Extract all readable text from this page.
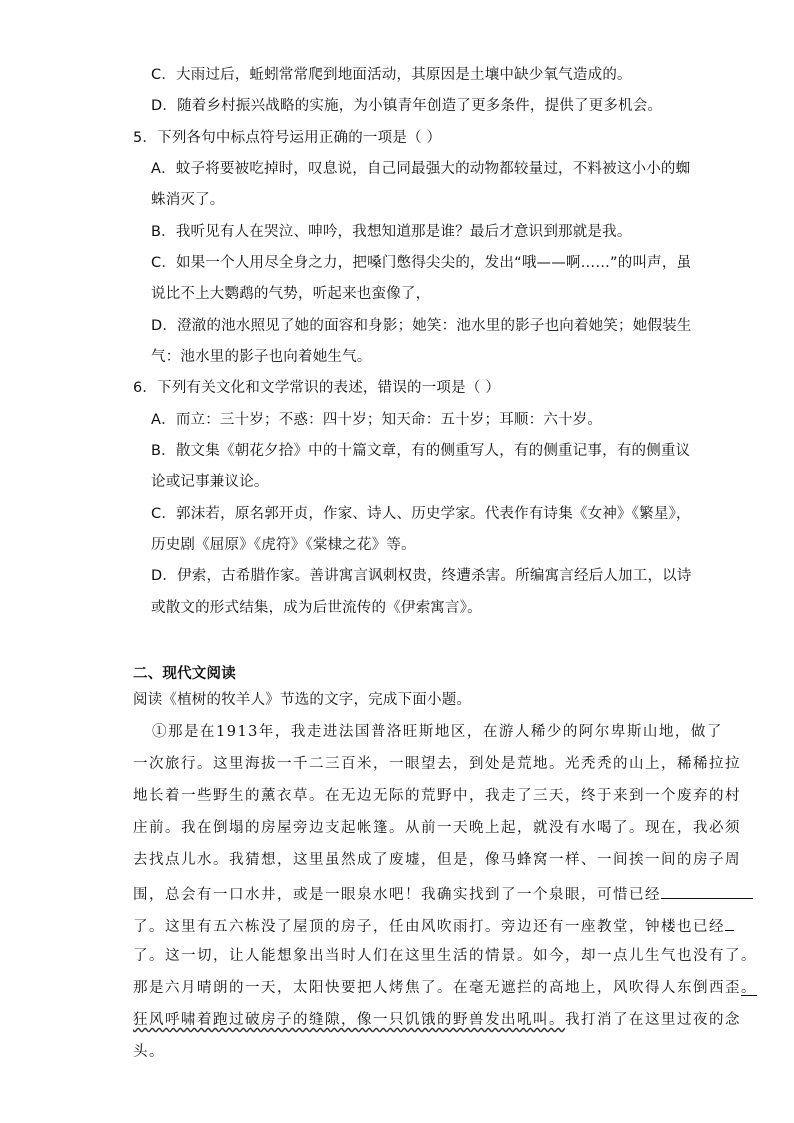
C．大雨过后，蚯蚓常常爬到地面活动，其原因是土壤中缺少氧气造成的。
D．随着乡村振兴战略的实施，为小镇青年创造了更多条件，提供了更多机会。
5．下列各句中标点符号运用正确的一项是（ ）
A．蚊子将要被吃掉时，叹息说，自己同最强大的动物都较量过，不料被这小小的蜘
蛛消灭了。
B．我听见有人在哭泣、呻吟，我想知道那是谁？最后才意识到那就是我。
C．如果一个人用尽全身之力，把嗓门憋得尖尖的，发出“哦——啊……”的叫声，虽
说比不上大鹦鹉的气势，听起来也蛮像了，
D．澄澈的池水照见了她的面容和身影；她笑：池水里的影子也向着她笑；她假装生
气：池水里的影子也向着她生气。
6．下列有关文化和文学常识的表述，错误的一项是（ ）
A．而立：三十岁；不惑：四十岁；知天命：五十岁；耳顺：六十岁。
B．散文集《朝花夕拾》中的十篇文章，有的侧重写人，有的侧重记事，有的侧重议
论或记事兼议论。
C．郭沫若，原名郭开贞，作家、诗人、历史学家。代表作有诗集《女神》《繁星》，
历史剧《屈原》《虎符》《棠棣之花》等。
D．伊索，古希腊作家。善讲寓言讽刺权贵，终遭杀害。所编寓言经后人加工，以诗
或散文的形式结集，成为后世流传的《伊索寓言》。
二、现代文阅读
阅读《植树的牧羊人》节选的文字，完成下面小题。
①那是在1913年，我走进法国普洛旺斯地区，在游人稀少的阿尔卑斯山地，做了
一次旅行。这里海拔一千二三百米，一眼望去，到处是荒地。光秃秃的山上，稀稀拉拉
地长着一些野生的薰衣草。在无边无际的荒野中，我走了三天，终于来到一个废弃的村
庄前。我在倒塌的房屋旁边支起帐篷。从前一天晚上起，就没有水喝了。现在，我必须
去找点儿水。我猜想，这里虽然成了废墟，但是，像马蜂窝一样、一间挨一间的房子周
围，总会有一口水井，或是一眼泉水吧！我确实找到了一个泉眼，可惜已经
了。这里有五六栋没了屋顶的房子，任由风吹雨打。旁边还有一座教堂，钟楼也已经
了。这一切，让人能想象出当时人们在这里生活的情景。如今，却一点儿生气也没有了。
那是六月晴朗的一天，太阳快要把人烤焦了。在毫无遮拦的高地上，风吹得人东倒西歪。
狂风呼啸着跑过破房子的缝隙，像一只饥饿的野兽发出吼叫。我打消了在这里过夜的念
头。
